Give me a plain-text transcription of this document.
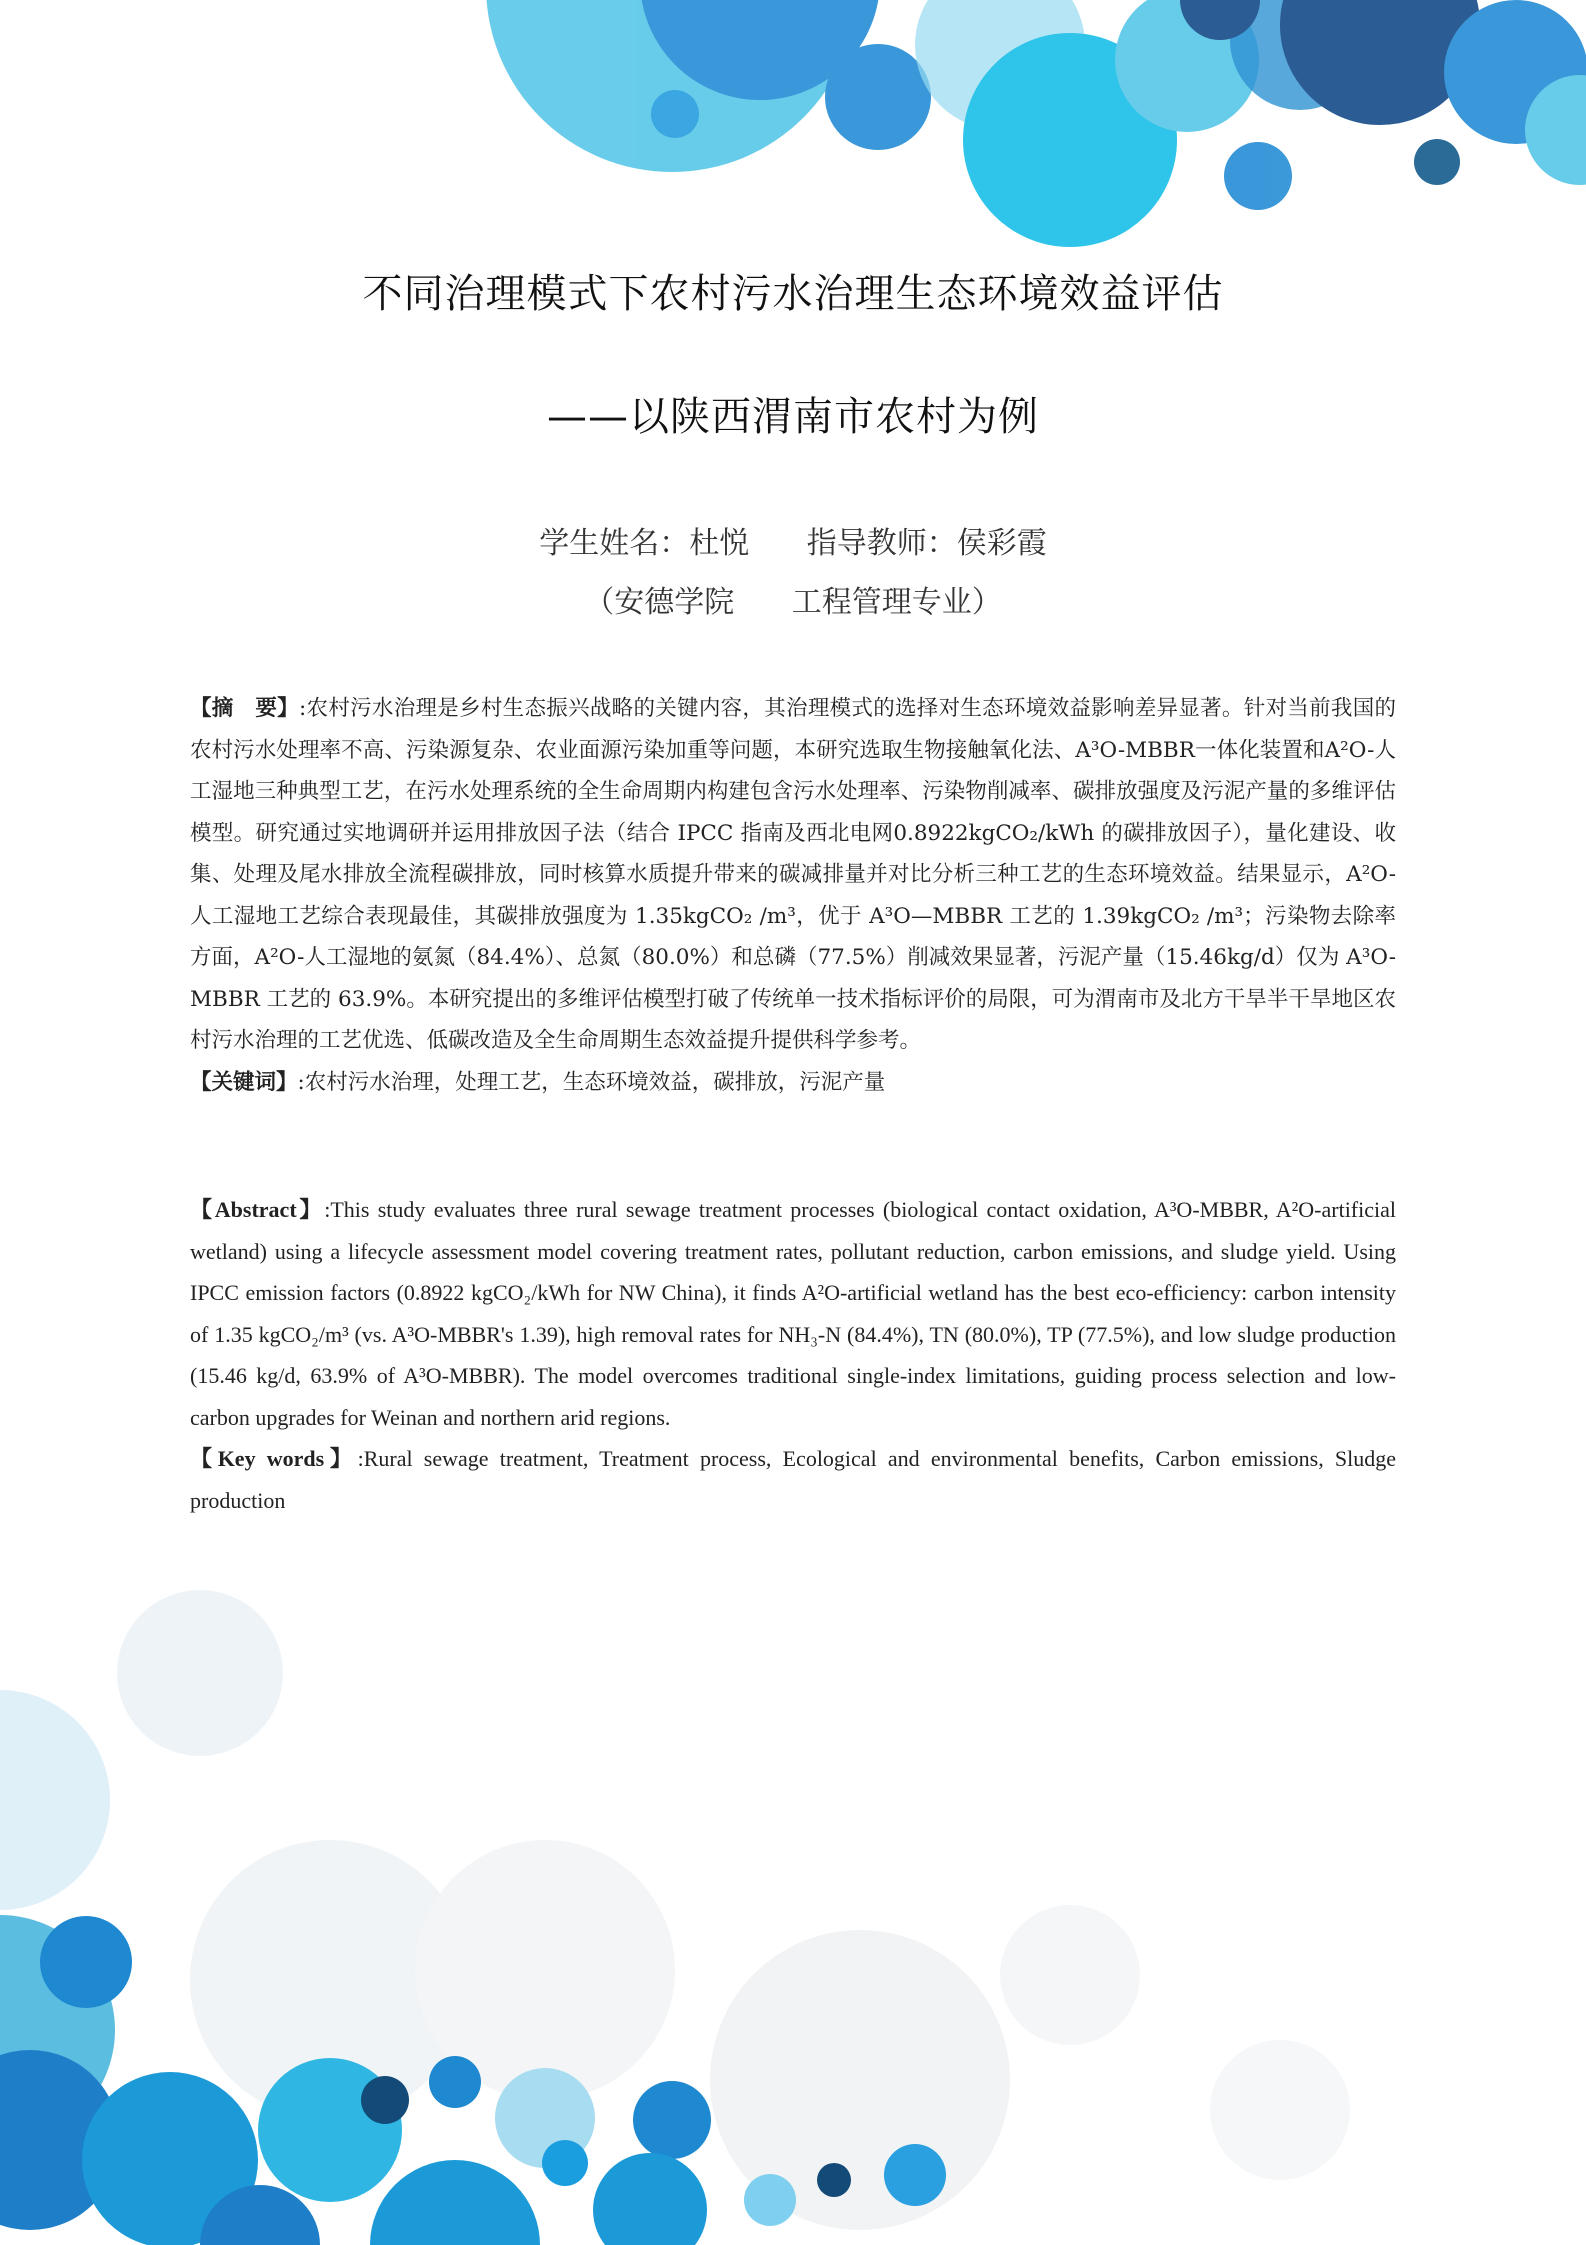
不同治理模式下农村污水治理生态环境效益评估
——以陕西渭南市农村为例
学生姓名：杜悦 指导教师：侯彩霞
（安德学院 工程管理专业）

【摘　要】:农村污水治理是乡村生态振兴战略的关键内容，其治理模式的选择对生态环境效益影响差异显著。针对当前我国的农村污水处理率不高、污染源复杂、农业面源污染加重等问题，本研究选取生物接触氧化法、A³O-MBBR一体化装置和A²O-人工湿地三种典型工艺，在污水处理系统的全生命周期内构建包含污水处理率、污染物削减率、碳排放强度及污泥产量的多维评估模型。研究通过实地调研并运用排放因子法（结合 IPCC 指南及西北电网0.8922kgCO₂/kWh 的碳排放因子），量化建设、收集、处理及尾水排放全流程碳排放，同时核算水质提升带来的碳减排量并对比分析三种工艺的生态环境效益。结果显示，A²O-人工湿地工艺综合表现最佳，其碳排放强度为 1.35kgCO₂ /m³，优于 A³O—MBBR 工艺的 1.39kgCO₂ /m³；污染物去除率方面，A²O-人工湿地的氨氮（84.4%）、总氮（80.0%）和总磷（77.5%）削减效果显著，污泥产量（15.46kg/d）仅为 A³O-MBBR 工艺的 63.9%。本研究提出的多维评估模型打破了传统单一技术指标评价的局限，可为渭南市及北方干旱半干旱地区农村污水治理的工艺优选、低碳改造及全生命周期生态效益提升提供科学参考。

【关键词】:农村污水治理，处理工艺，生态环境效益，碳排放，污泥产量

【Abstract】:This study evaluates three rural sewage treatment processes (biological contact oxidation, A³O-MBBR, A²O-artificial wetland) using a lifecycle assessment model covering treatment rates, pollutant reduction, carbon emissions, and sludge yield. Using IPCC emission factors (0.8922 kgCO₂/kWh for NW China), it finds A²O-artificial wetland has the best eco-efficiency: carbon intensity of 1.35 kgCO₂/m³ (vs. A³O-MBBR's 1.39), high removal rates for NH₃-N (84.4%), TN (80.0%), TP (77.5%), and low sludge production (15.46 kg/d, 63.9% of A³O-MBBR). The model overcomes traditional single-index limitations, guiding process selection and low-carbon upgrades for Weinan and northern arid regions.

【Key words】:Rural sewage treatment, Treatment process, Ecological and environmental benefits, Carbon emissions, Sludge production
